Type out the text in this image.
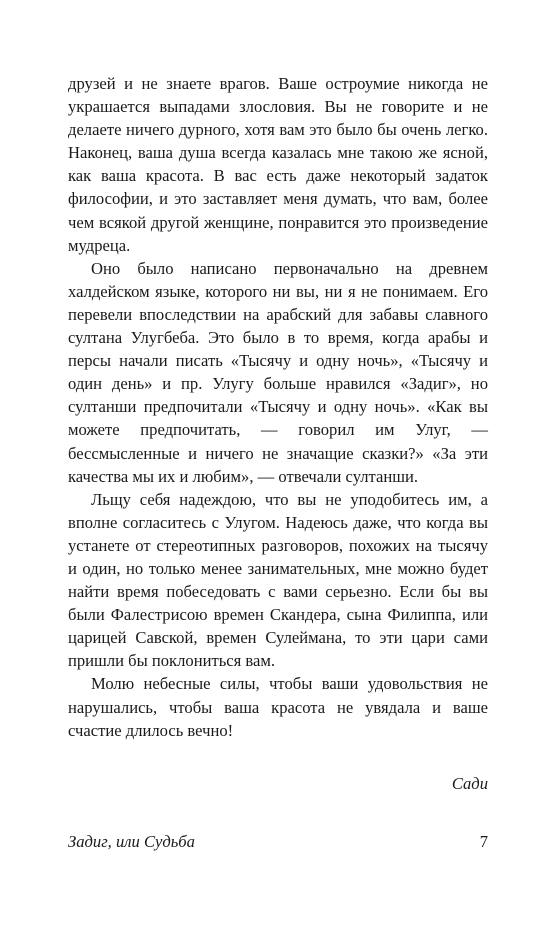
друзей и не знаете врагов. Ваше остроумие никогда не украшается выпадами злословия. Вы не говорите и не делаете ничего дурного, хотя вам это было бы очень легко. Наконец, ваша душа всегда казалась мне такою же ясной, как ваша красота. В вас есть даже некоторый задаток философии, и это заставляет меня думать, что вам, более чем всякой другой женщине, понравится это произведение мудреца.

Оно было написано первоначально на древнем халдейском языке, которого ни вы, ни я не понимаем. Его перевели впоследствии на арабский для забавы славного султана Улугбеба. Это было в то время, когда арабы и персы начали писать «Тысячу и одну ночь», «Тысячу и один день» и пр. Улугу больше нравился «Задиг», но султанши предпочитали «Тысячу и одну ночь». «Как вы можете предпочитать, — говорил им Улуг, — бессмысленные и ничего не значащие сказки?» «За эти качества мы их и любим», — отвечали султанши.

Льщу себя надеждою, что вы не уподобитесь им, а вполне согласитесь с Улугом. Надеюсь даже, что когда вы устанете от стереотипных разговоров, похожих на тысячу и один, но только менее занимательных, мне можно будет найти время побеседовать с вами серьезно. Если бы вы были Фалестрисою времен Скандера, сына Филиппа, или царицей Савской, времен Сулеймана, то эти цари сами пришли бы поклониться вам.

Молю небесные силы, чтобы ваши удовольствия не нарушались, чтобы ваша красота не увядала и ваше счастие длилось вечно!

Сади
Задиг, или Судьба	7
